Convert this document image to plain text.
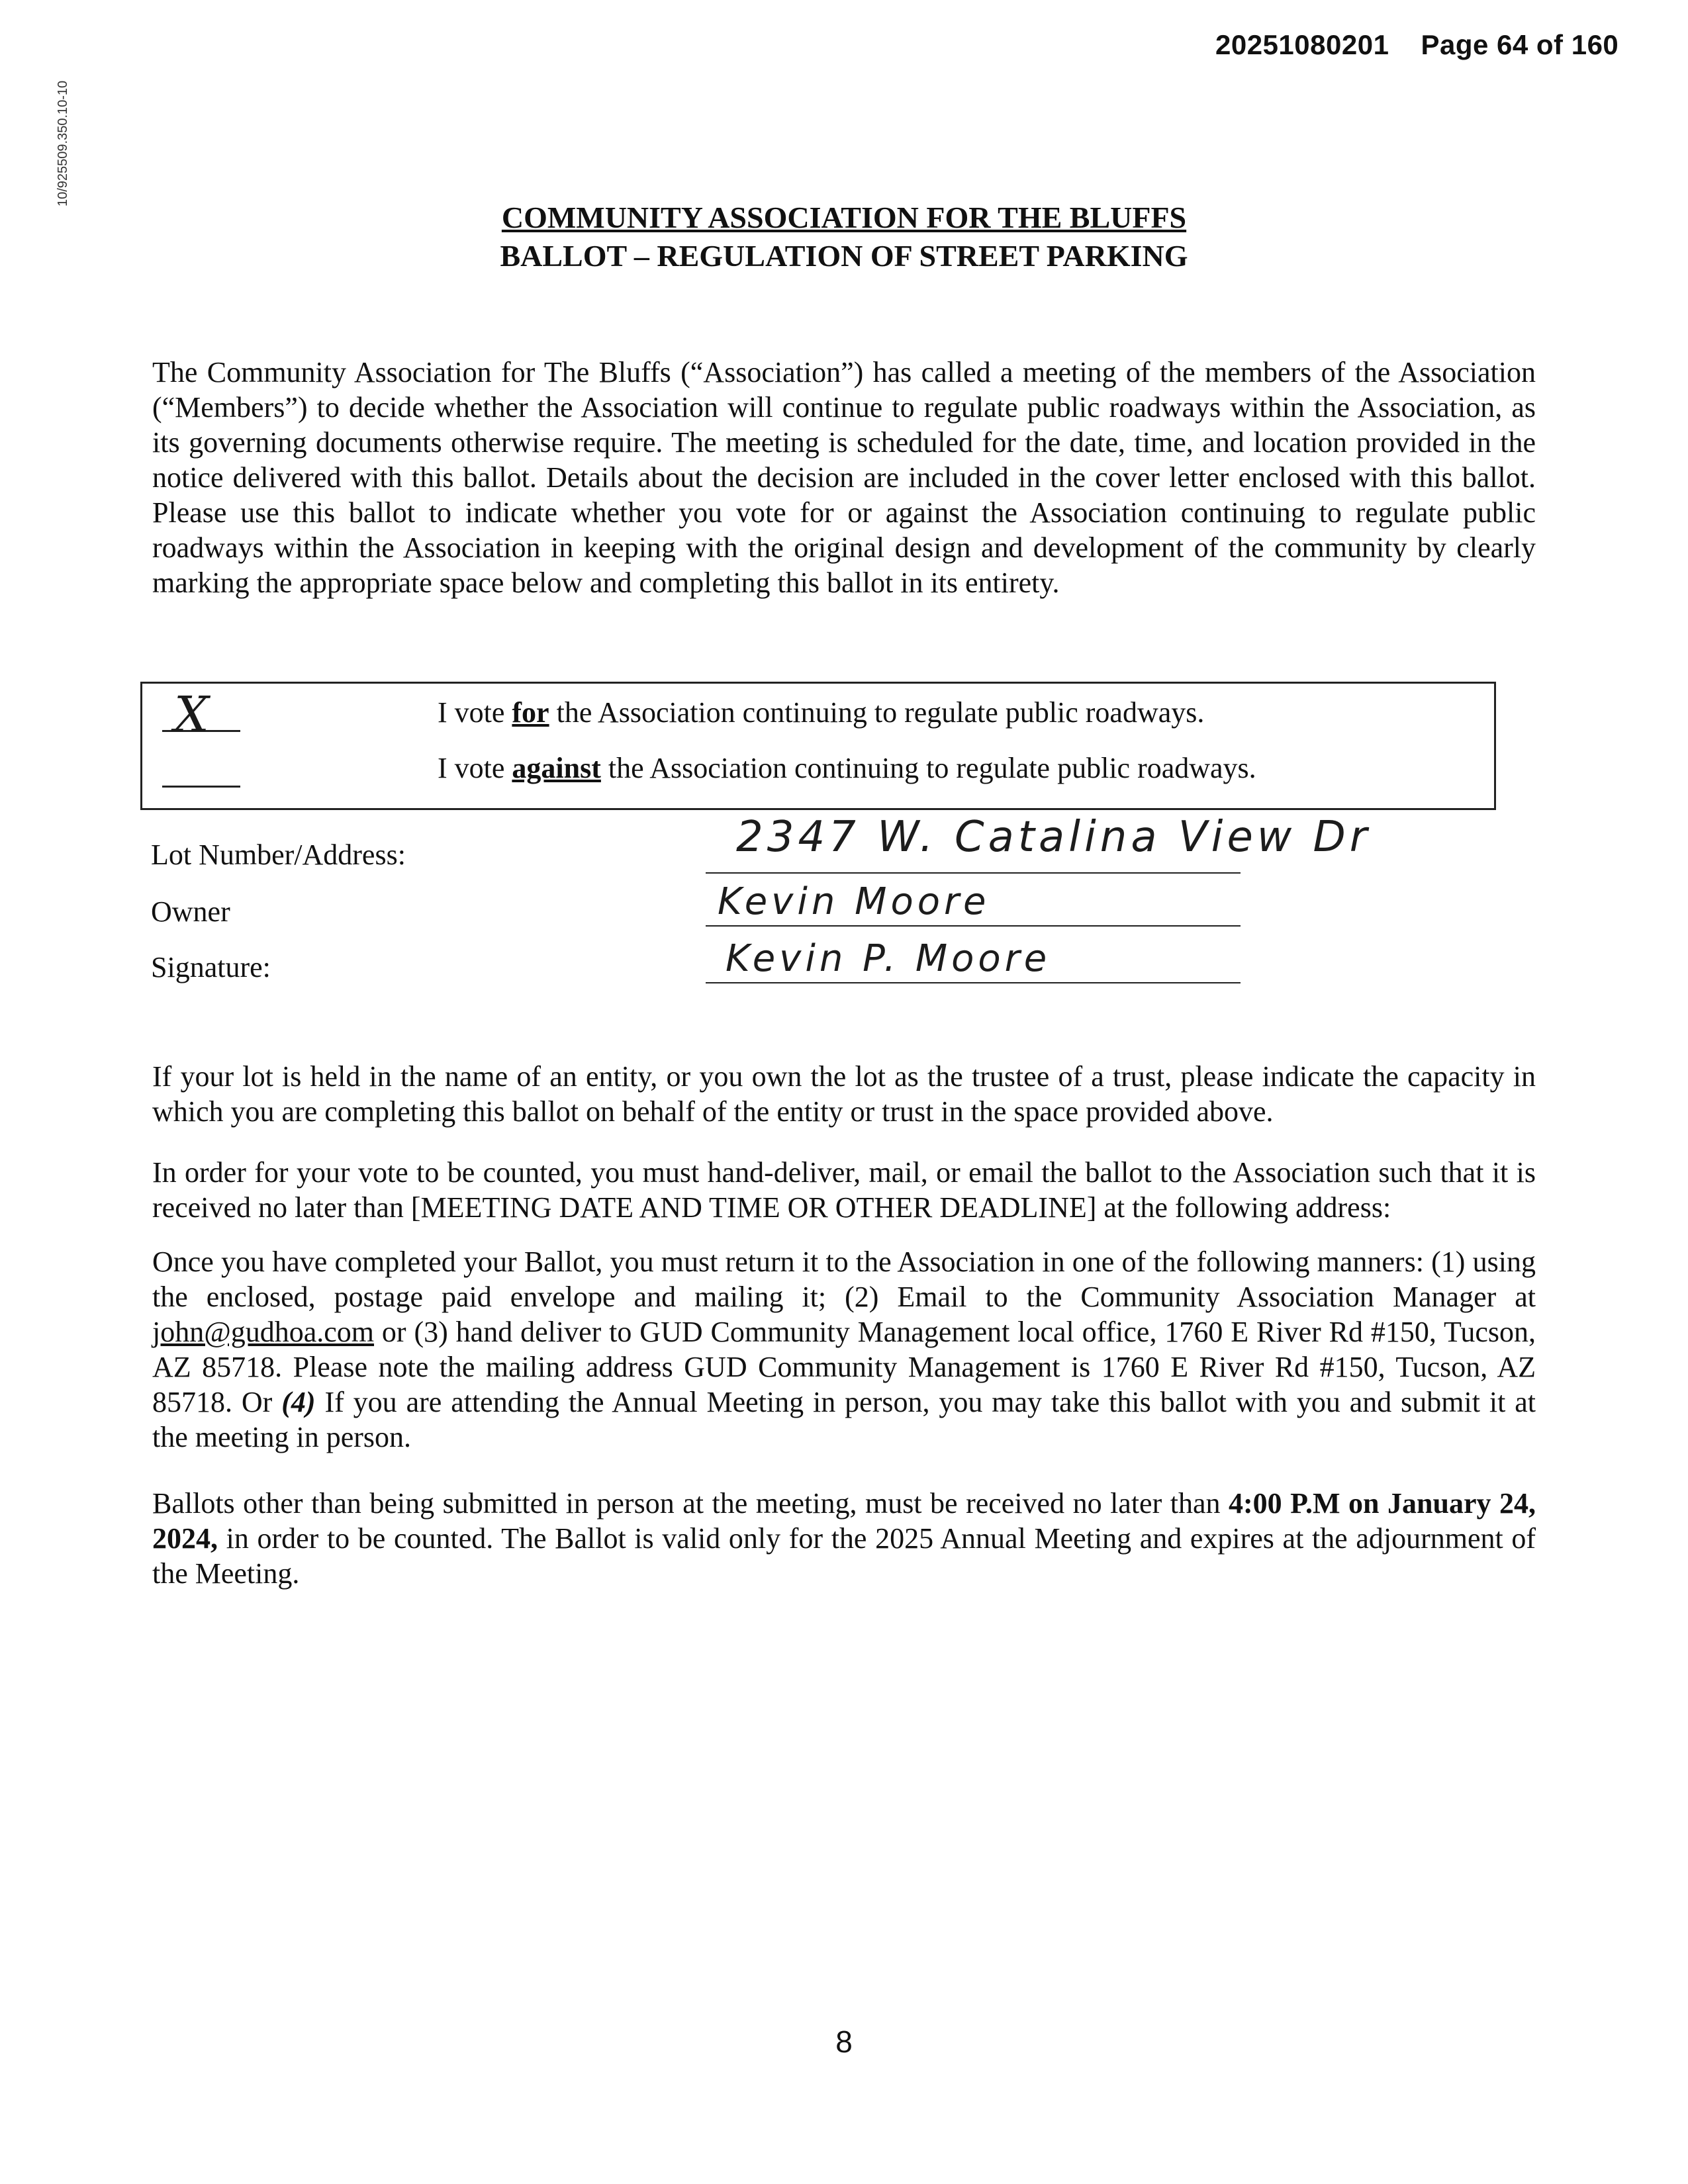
20251080201 Page 64 of 160
10/925509.350.10-10
COMMUNITY ASSOCIATION FOR THE BLUFFS
BALLOT – REGULATION OF STREET PARKING
The Community Association for The Bluffs (“Association”) has called a meeting of the members of the Association (“Members”) to decide whether the Association will continue to regulate public roadways within the Association, as its governing documents otherwise require. The meeting is scheduled for the date, time, and location provided in the notice delivered with this ballot. Details about the decision are included in the cover letter enclosed with this ballot. Please use this ballot to indicate whether you vote for or against the Association continuing to regulate public roadways within the Association in keeping with the original design and development of the community by clearly marking the appropriate space below and completing this ballot in its entirety.
X	I vote for the Association continuing to regulate public roadways.
I vote against the Association continuing to regulate public roadways.
Lot Number/Address:
Owner
Signature:
2347 W. Catalina View Dr
Kevin Moore
Kevin P. Moore
If your lot is held in the name of an entity, or you own the lot as the trustee of a trust, please indicate the capacity in which you are completing this ballot on behalf of the entity or trust in the space provided above.
In order for your vote to be counted, you must hand-deliver, mail, or email the ballot to the Association such that it is received no later than [MEETING DATE AND TIME OR OTHER DEADLINE] at the following address:
Once you have completed your Ballot, you must return it to the Association in one of the following manners: (1) using the enclosed, postage paid envelope and mailing it; (2) Email to the Community Association Manager at john@gudhoa.com or (3) hand deliver to GUD Community Management local office, 1760 E River Rd #150, Tucson, AZ 85718. Please note the mailing address GUD Community Management is 1760 E River Rd #150, Tucson, AZ 85718. Or (4) If you are attending the Annual Meeting in person, you may take this ballot with you and submit it at the meeting in person.
Ballots other than being submitted in person at the meeting, must be received no later than 4:00 P.M on January 24, 2024, in order to be counted. The Ballot is valid only for the 2025 Annual Meeting and expires at the adjournment of the Meeting.
8
